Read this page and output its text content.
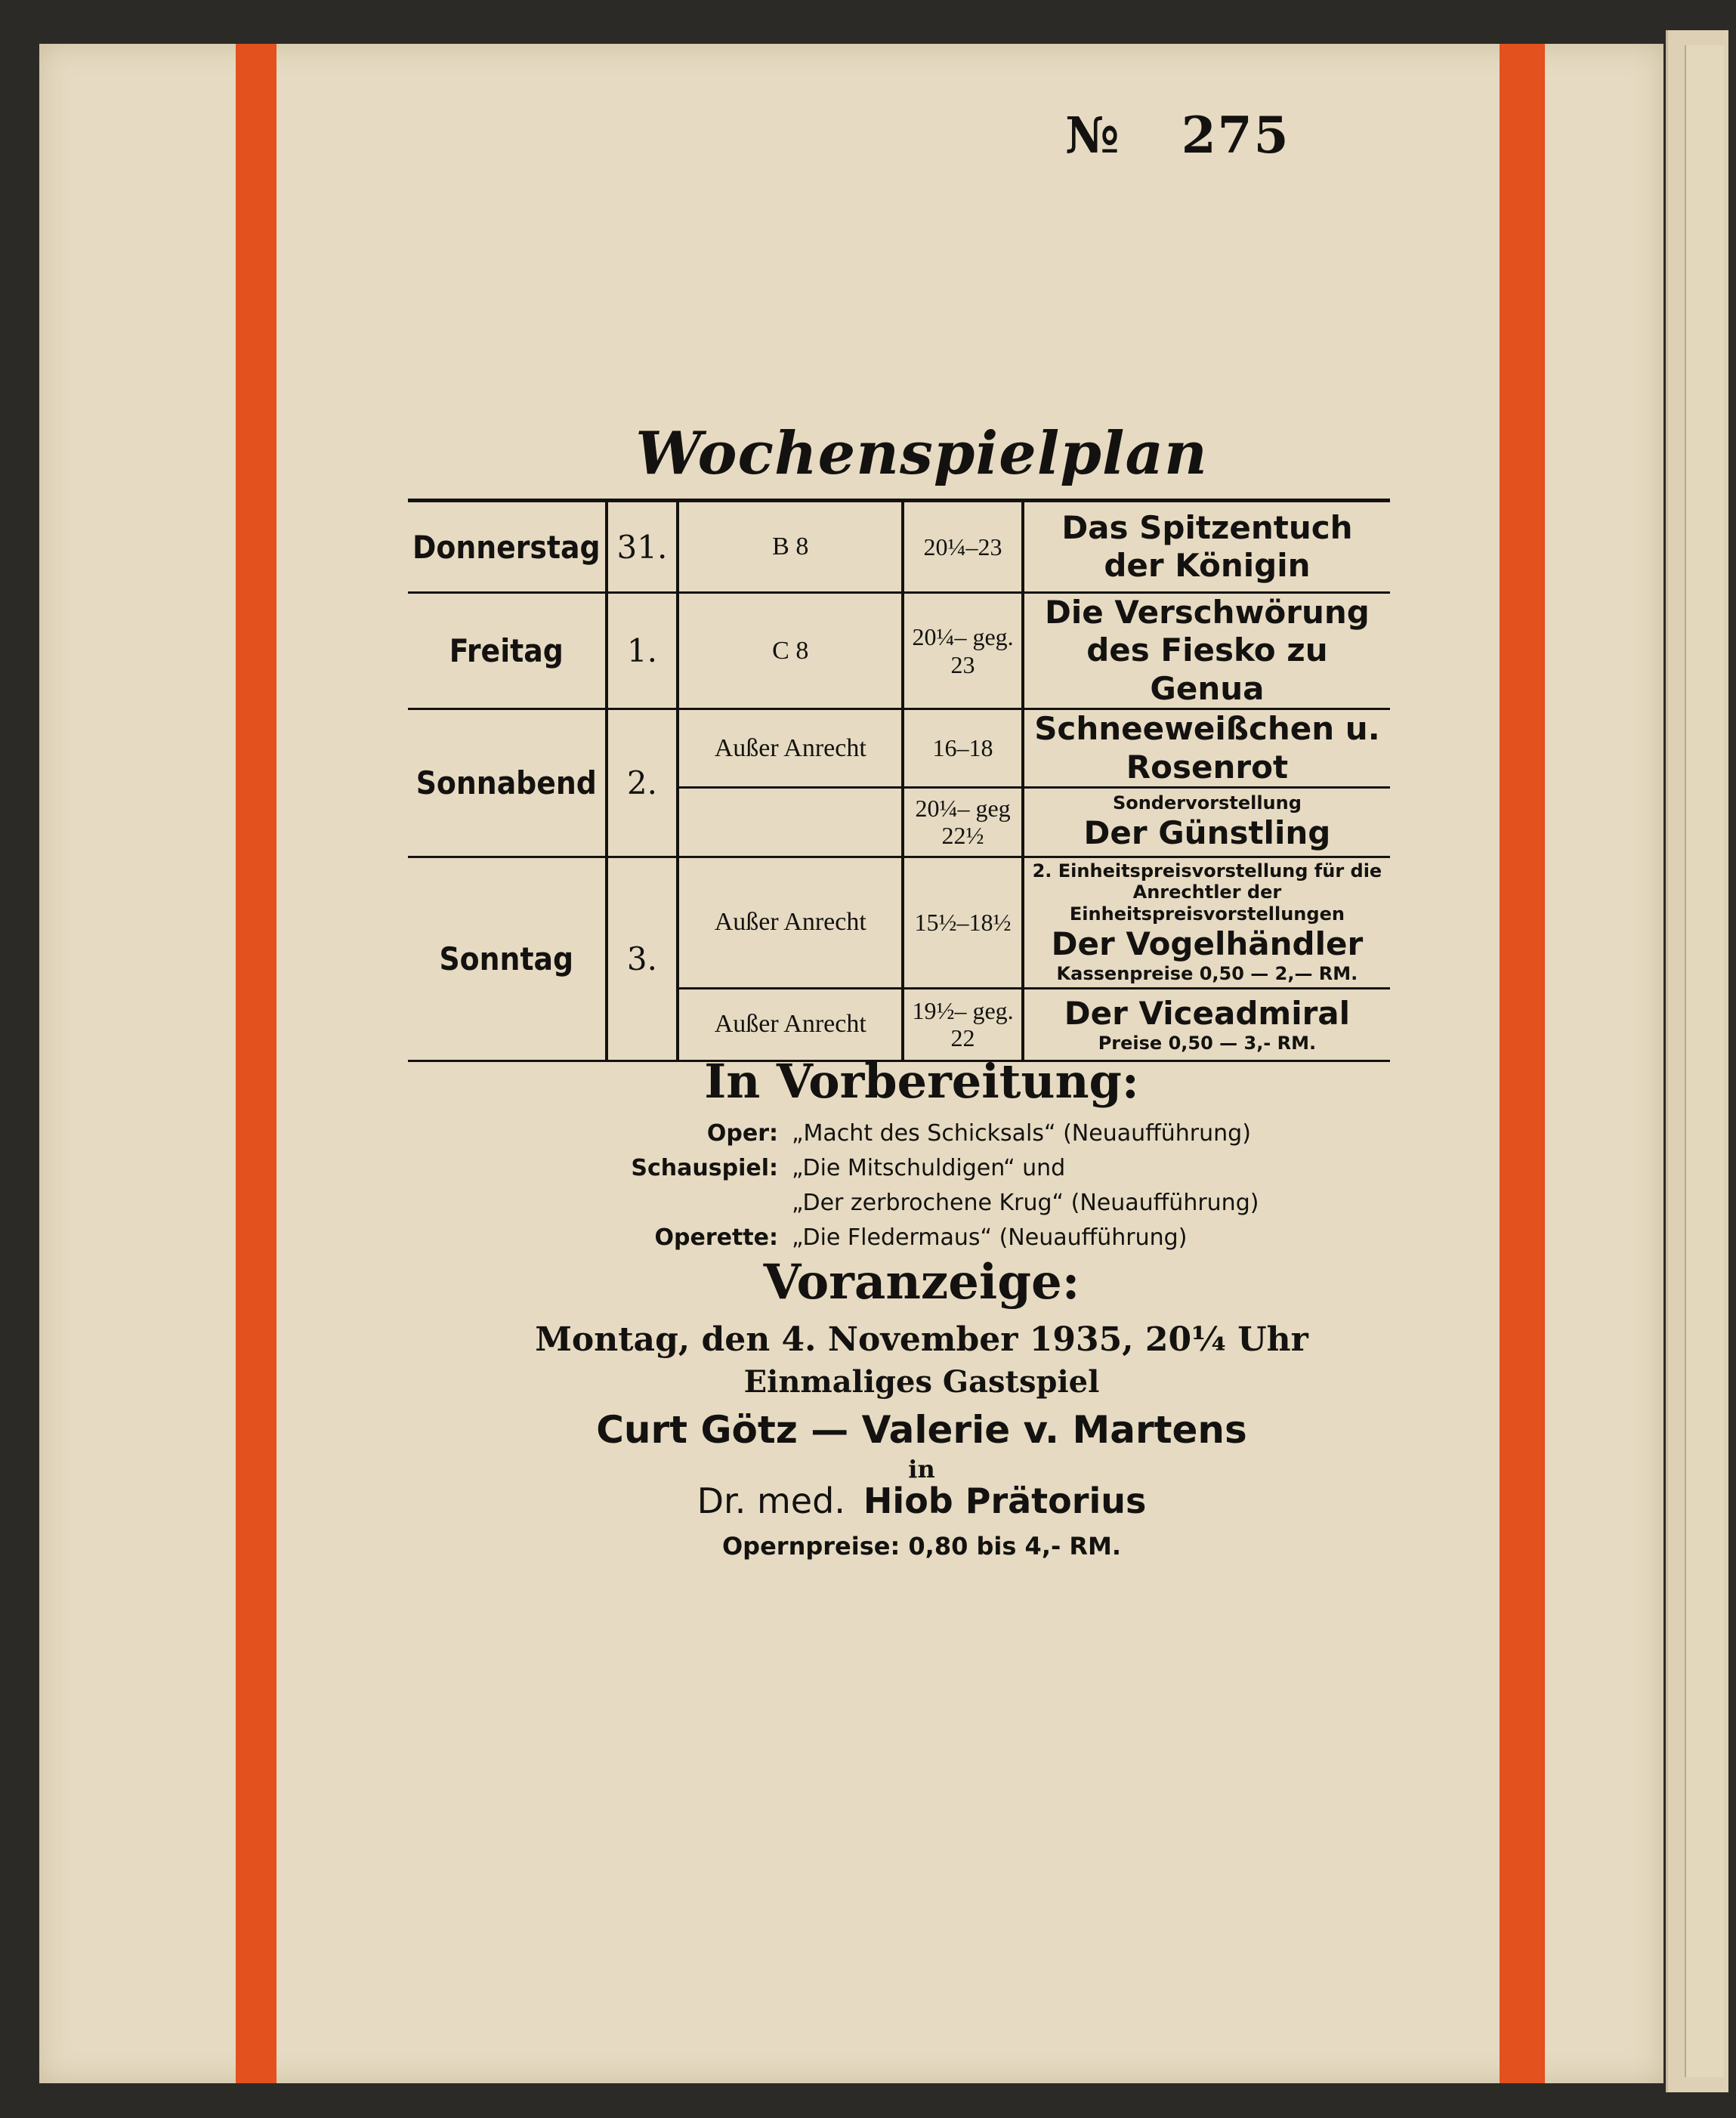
№ 275
Wochenspielplan
Donnerstag	31.	B 8	20¼–23	Das Spitzentuch der Königin
Freitag	1.	C 8	20¼– geg. 23	Die Verschwörung des Fiesko zu Genua
Sonnabend	2.	Außer Anrecht	16–18	Schneeweißchen u. Rosenrot
			20¼– geg 22½	Sondervorstellung
Der Günstling
Sonntag	3.	Außer Anrecht	15½–18½	2. Einheitspreisvorstellung für die Anrechtler der Einheitspreisvorstellungen
Der Vogelhändler
Kassenpreise 0,50 — 2,— RM.

		Außer Anrecht	19½– geg. 22	Der Viceadmiral
Preise 0,50 — 3,- RM.
In Vorbereitung:
Oper: „Macht des Schicksals“ (Neuaufführung)
Schauspiel: „Die Mitschuldigen“ und
„Der zerbrochene Krug“ (Neuaufführung)
Operette: „Die Fledermaus“ (Neuaufführung)
Voranzeige:
Montag, den 4. November 1935, 20¼ Uhr
Einmaliges Gastspiel
Curt Götz — Valerie v. Martens
in
Dr. med. Hiob Prätorius
Opernpreise: 0,80 bis 4,- RM.
